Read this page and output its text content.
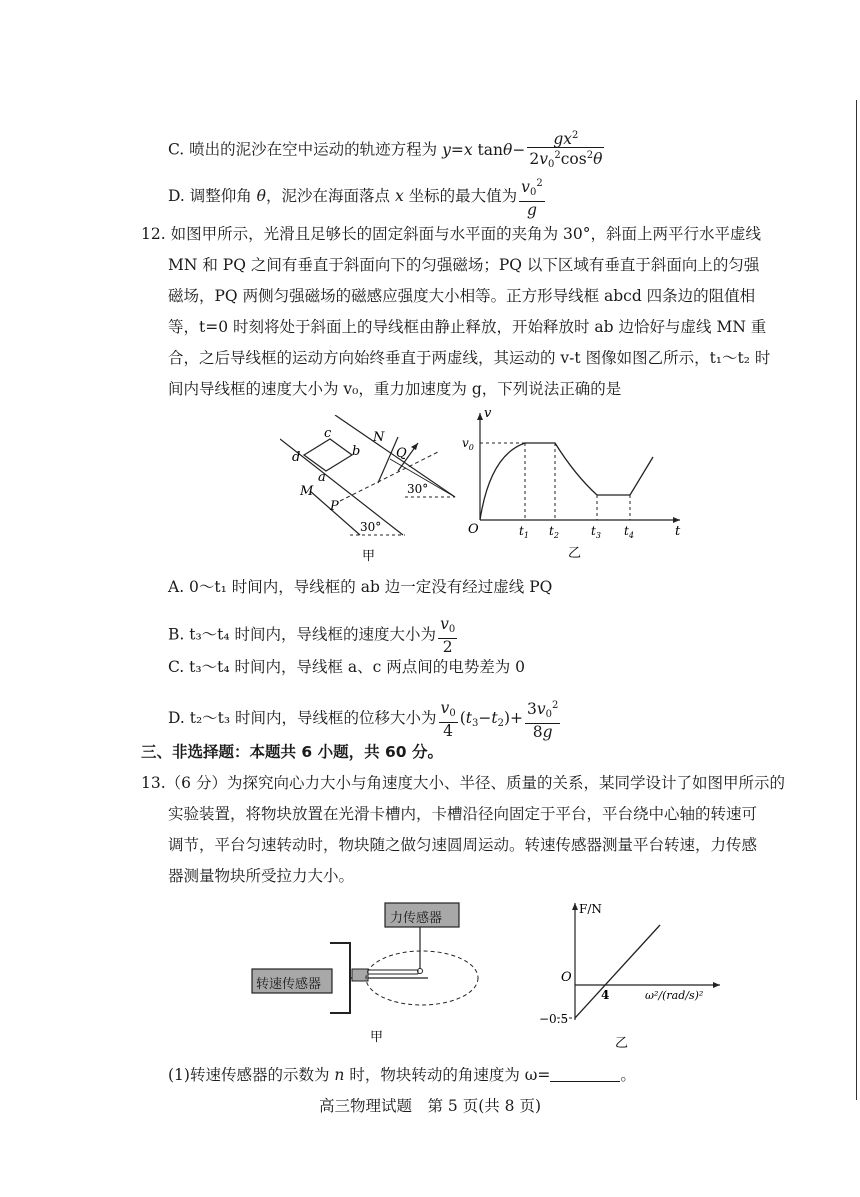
C. 喷出的泥沙在空中运动的轨迹方程为 y=x $\tan\theta- \frac{gx^2}{2v_0^2\cos^2\theta}$
D. 调整仰角 θ，泥沙在海面落点 x 坐标的最大值为 $\frac{v_0^2}{g}$
12. 如图甲所示，光滑且足够长的固定斜面与水平面的夹角为 30°，斜面上两平行水平虚线
MN 和 PQ 之间有垂直于斜面向下的匀强磁场；PQ 以下区域有垂直于斜面向上的匀强
磁场，PQ 两侧匀强磁场的磁感应强度大小相等。正方形导线框 abcd 四条边的阻值相
等，t=0 时刻将处于斜面上的导线框由静止释放，开始释放时 ab 边恰好与虚线 MN 重
合，之后导线框的运动方向始终垂直于两虚线，其运动的 v-t 图像如图乙所示，t₁～t₂ 时
间内导线框的速度大小为 v₀，重力加速度为 g，下列说法正确的是
d
c
b
a
N
Q
M
P
30°
30°
甲
v
t
O
$v_0$
$t_1$ $t_2$	$t_3$ $t_4$
乙
A. 0～t₁ 时间内，导线框的 ab 边一定没有经过虚线 PQ
B. t₃～t₄ 时间内，导线框的速度大小为 $\frac{v_0}{2}$
C. t₃～t₄ 时间内，导线框 a、c 两点间的电势差为 0
D. t₂～t₃ 时间内，导线框的位移大小为 $\frac{v_0}{4} (t_3-t_2)+ \frac{3v_0^2}{8g}$
三、非选择题：本题共 6 小题，共 60 分。
13.（6 分）为探究向心力大小与角速度大小、半径、质量的关系，某同学设计了如图甲所示的
实验装置，将物块放置在光滑卡槽内，卡槽沿径向固定于平台，平台绕中心轴的转速可
调节，平台匀速转动时，物块随之做匀速圆周运动。转速传感器测量平台转速，力传感
器测量物块所受拉力大小。
甲
力传感器
转速传感器
F/N
O
4
−0.5
ω²/(rad/s)²
乙
(1)转速传感器的示数为 n 时，物块转动的角速度为 ω=	。
高三物理试题　第 5 页(共 8 页)
